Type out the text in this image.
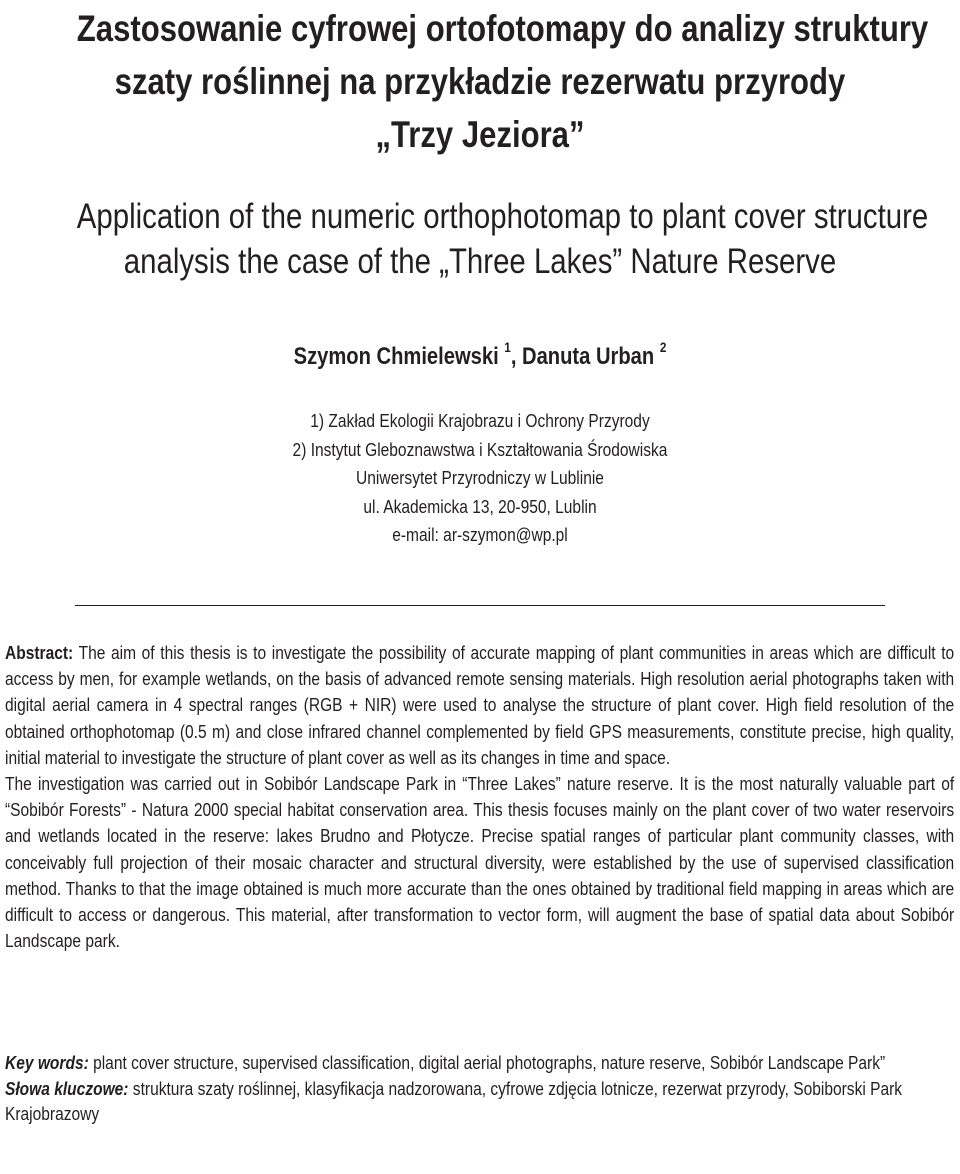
Zastosowanie cyfrowej ortofotomapy do analizy struktury
szaty roślinnej na przykładzie rezerwatu przyrody
„Trzy Jeziora”
Application of the numeric orthophotomap to plant cover structure
analysis the case of the „Three Lakes” Nature Reserve
Szymon Chmielewski $^1$, Danuta Urban $^2$
1) Zakład Ekologii Krajobrazu i Ochrony Przyrody
2) Instytut Gleboznawstwa i Kształtowania Środowiska
Uniwersytet Przyrodniczy w Lublinie
ul. Akademicka 13, 20-950, Lublin
e-mail: ar-szymon@wp.pl

Abstract: The aim of this thesis is to investigate the possibility of accurate mapping of plant communities in areas which are difficult to access by men, for example wetlands, on the basis of advanced remote sensing materials. High resolution aerial photographs taken with digital aerial camera in 4 spectral ranges (RGB + NIR) were used to analyse the structure of plant cover. High field resolution of the obtained orthophotomap (0.5 m) and close infrared channel complemented by field GPS measurements, constitute precise, high quality, initial material to investigate the structure of plant cover as well as its changes in time and space.

The investigation was carried out in Sobibór Landscape Park in “Three Lakes” nature reserve. It is the most naturally valuable part of “Sobibór Forests” - Natura 2000 special habitat conservation area. This thesis focuses mainly on the plant cover of two water reservoirs and wetlands located in the reserve: lakes Brudno and Płotycze. Precise spatial ranges of particular plant community classes, with conceivably full projection of their mosaic character and structural diversity, were established by the use of supervised classification method. Thanks to that the image obtained is much more accurate than the ones obtained by traditional field mapping in areas which are difficult to access or dangerous. This material, after transformation to vector form, will augment the base of spatial data about Sobibór Landscape park.

Key words: plant cover structure, supervised classification, digital aerial photographs, nature reserve, Sobibór Landscape Park”

Słowa kluczowe: struktura szaty roślinnej, klasyfikacja nadzorowana, cyfrowe zdjęcia lotnicze, rezerwat przyrody, Sobiborski Park Krajobrazowy
